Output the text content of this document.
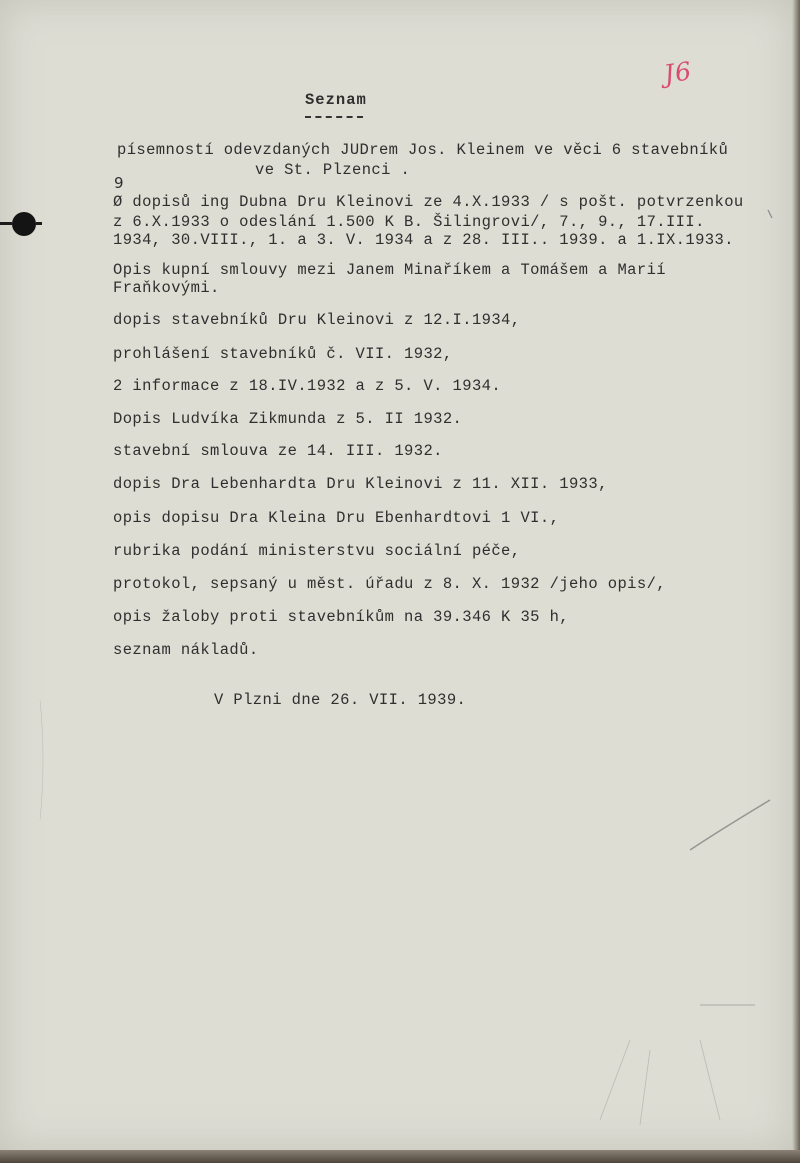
J6

Seznam

písemností odevzdaných JUDrem Jos. Kleinem ve věci 6 stavebníků

ve St. Plzenci .

9

Ø dopisů ing Dubna Dru Kleinovi ze 4.X.1933 / s pošt. potvrzenkou

z 6.X.1933 o odeslání 1.500 K B. Šilingrovi/, 7., 9., 17.III.

1934, 30.VIII., 1. a 3. V. 1934 a z 28. III.. 1939. a 1.IX.1933.

Opis kupní smlouvy mezi Janem Minaříkem a Tomášem a Marií

Fraňkovými.

dopis stavebníků Dru Kleinovi z 12.I.1934,

prohlášení stavebníků č. VII. 1932,

2 informace z 18.IV.1932 a z 5. V. 1934.

Dopis Ludvíka Zikmunda z 5. II 1932.

stavební smlouva ze 14. III. 1932.

dopis Dra Lebenhardta Dru Kleinovi z 11. XII. 1933,

opis dopisu Dra Kleina Dru Ebenhardtovi 1 VI.,

rubrika podání ministerstvu sociální péče,

protokol, sepsaný u měst. úřadu z 8. X. 1932 /jeho opis/,

opis žaloby proti stavebníkům na 39.346 K 35 h,

seznam nákladů.

V Plzni dne 26. VII. 1939.
